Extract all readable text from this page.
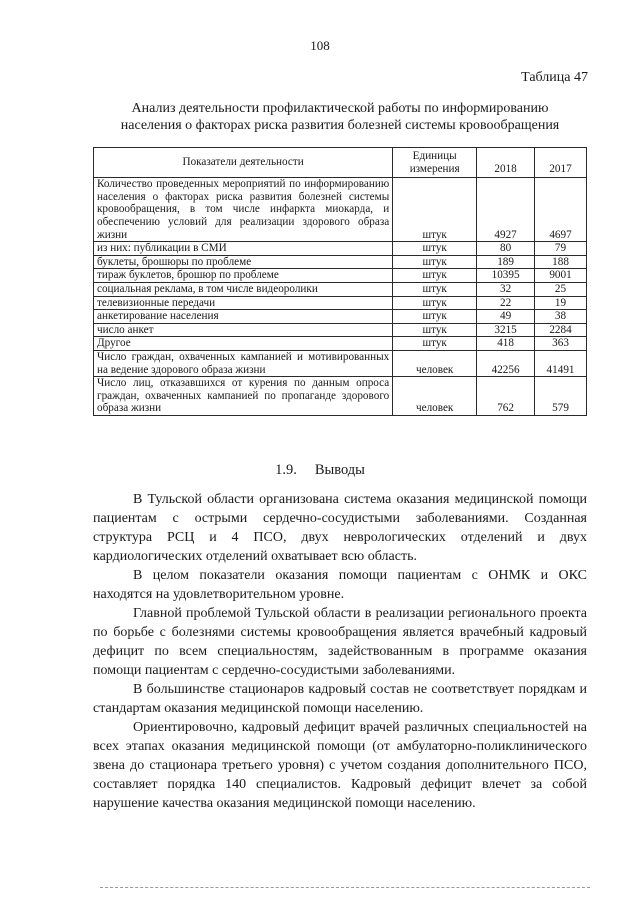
108
Таблица 47
Анализ деятельности профилактической работы по информированию
населения о факторах риска развития болезней системы кровообращения
Показатели деятельности	Единицы измерения	2018	2017
Количество проведенных мероприятий по информированию населения о факторах риска развития болезней системы кровообращения, в том числе инфаркта миокарда, и обеспечению условий для реализации здорового образа жизни	штук	4927	4697
из них: публикации в СМИ	штук	80	79
буклеты, брошюры по проблеме	штук	189	188
тираж буклетов, брошюр по проблеме	штук	10395	9001
социальная реклама, в том числе видеоролики	штук	32	25
телевизионные передачи	штук	22	19
анкетирование населения	штук	49	38
число анкет	штук	3215	2284
Другое	штук	418	363
Число граждан, охваченных кампанией и мотивированных на ведение здорового образа жизни	человек	42256	41491
Число лиц, отказавшихся от курения по данным опроса граждан, охваченных кампанией по пропаганде здорового образа жизни	человек	762	579
1.9. Выводы

В Тульской области организована система оказания медицинской помощи пациентам с острыми сердечно-сосудистыми заболеваниями. Созданная структура РСЦ и 4 ПСО, двух неврологических отделений и двух кардиологических отделений охватывает всю область.

В целом показатели оказания помощи пациентам с ОНМК и ОКС находятся на удовлетворительном уровне.

Главной проблемой Тульской области в реализации регионального проекта по борьбе с болезнями системы кровообращения является врачебный кадровый дефицит по всем специальностям, задействованным в программе оказания помощи пациентам с сердечно-сосудистыми заболеваниями.

В большинстве стационаров кадровый состав не соответствует порядкам и стандартам оказания медицинской помощи населению.

Ориентировочно, кадровый дефицит врачей различных специальностей на всех этапах оказания медицинской помощи (от амбулаторно-поликлинического звена до стационара третьего уровня) с учетом создания дополнительного ПСО, составляет порядка 140 специалистов. Кадровый дефицит влечет за собой нарушение качества оказания медицинской помощи населению.
